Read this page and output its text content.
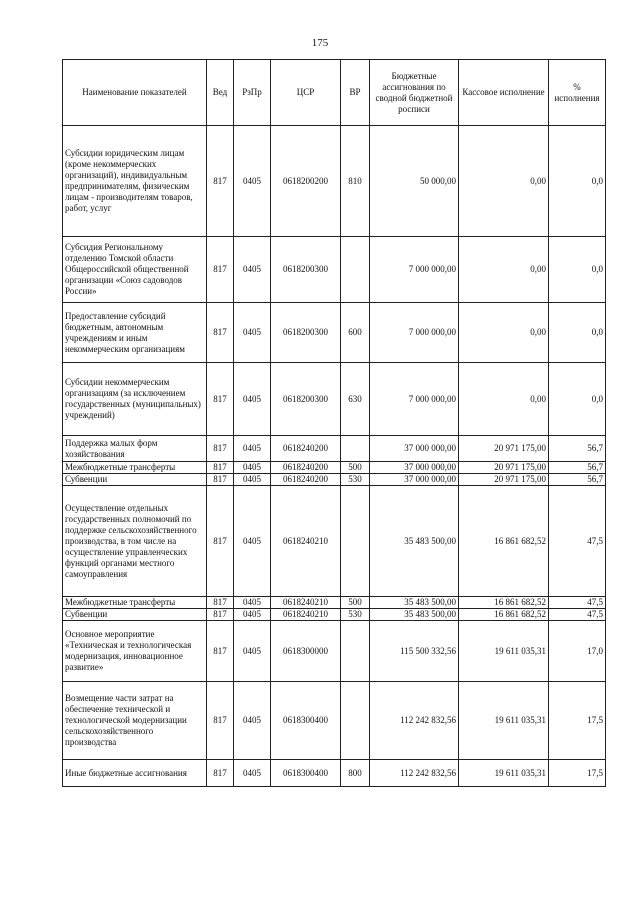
175
Наименование показателей	Вед	РзПр	ЦСР	ВР	Бюджетные ассигнования по сводной бюджетной росписи	Кассовое исполнение	% исполнения
Субсидии юридическим лицам (кроме некоммерческих организаций), индивидуальным предпринимателям, физическим лицам - производителям товаров, работ, услуг	817	0405	0618200200	810	50 000,00	0,00	0,0
Субсидия Региональному отделению Томской области Общероссийской общественной организации «Союз садоводов России»	817	0405	0618200300		7 000 000,00	0,00	0,0
Предоставление субсидий бюджетным, автономным учреждениям и иным некоммерческим организациям	817	0405	0618200300	600	7 000 000,00	0,00	0,0
Субсидии некоммерческим организациям (за исключением государственных (муниципальных) учреждений)	817	0405	0618200300	630	7 000 000,00	0,00	0,0
Поддержка малых форм хозяйствования	817	0405	0618240200		37 000 000,00	20 971 175,00	56,7
Межбюджетные трансферты	817	0405	0618240200	500	37 000 000,00	20 971 175,00	56,7
Субвенции	817	0405	0618240200	530	37 000 000,00	20 971 175,00	56,7
Осуществление отдельных государственных полномочий по поддержке сельскохозяйственного производства, в том числе на осуществление управленческих функций органами местного самоуправления	817	0405	0618240210		35 483 500,00	16 861 682,52	47,5
Межбюджетные трансферты	817	0405	0618240210	500	35 483 500,00	16 861 682,52	47,5
Субвенции	817	0405	0618240210	530	35 483 500,00	16 861 682,52	47,5
Основное мероприятие «Техническая и технологическая модернизация, инновационное развитие»	817	0405	0618300000		115 500 332,56	19 611 035,31	17,0
Возмещение части затрат на обеспечение технической и технологической модернизации сельскохозяйственного производства	817	0405	0618300400		112 242 832,56	19 611 035,31	17,5
Иные бюджетные ассигнования	817	0405	0618300400	800	112 242 832,56	19 611 035,31	17,5
